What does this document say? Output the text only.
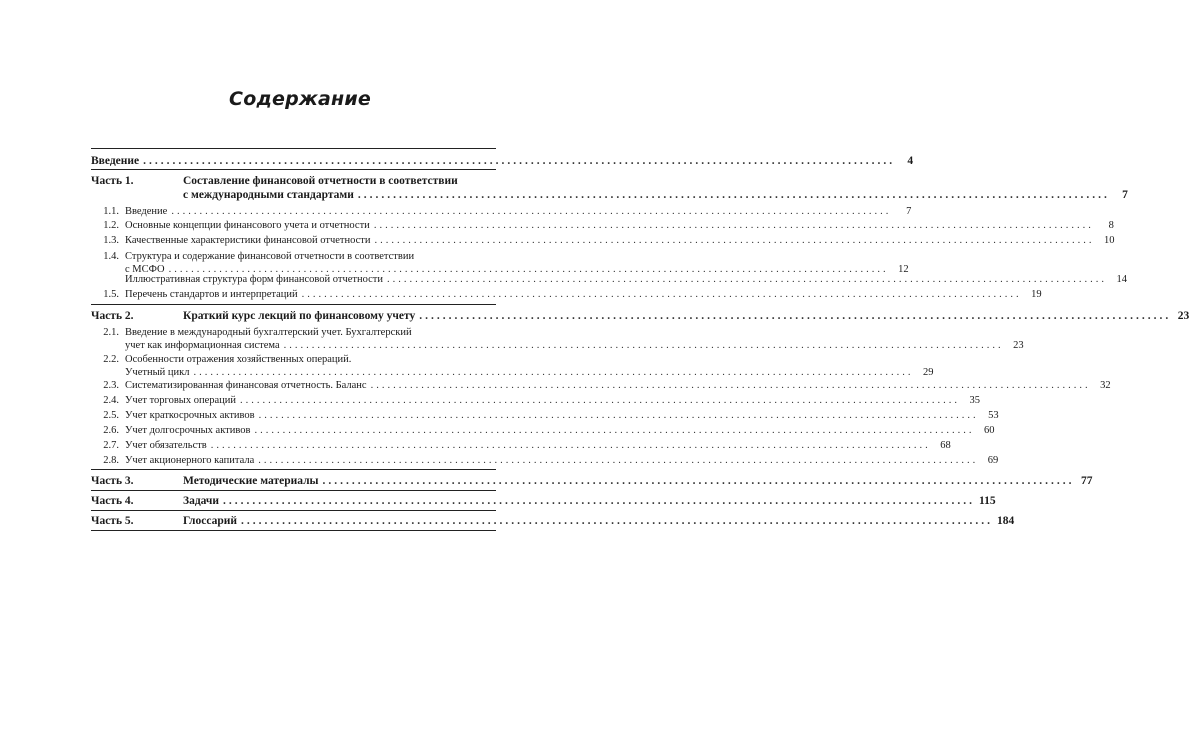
Содержание
Введение ................................................................................................................................	4
Часть 1.	Составление финансовой отчетности в соответствии
с международными стандартами ................................................................................................................................	7
1.1. Введение ................................................................................................................................	7
1.2. Основные концепции финансового учета и отчетности ................................................................................................................................	8
1.3. Качественные характеристики финансовой отчетности ................................................................................................................................ 10
1.4. Структура и содержание финансовой отчетности в соответствии
с МСФО ................................................................................................................................ 12
Иллюстративная структура форм финансовой отчетности ................................................................................................................................ 14
1.5. Перечень стандартов и интерпретаций ................................................................................................................................ 19
Часть 2.	Краткий курс лекций по финансовому учету ................................................................................................................................ 23
2.1. Введение в международный бухгалтерский учет. Бухгалтерский
учет как информационная система ................................................................................................................................ 23
2.2. Особенности отражения хозяйственных операций.
Учетный цикл ................................................................................................................................ 29
2.3. Систематизированная финансовая отчетность. Баланс ................................................................................................................................ 32
2.4. Учет торговых операций ................................................................................................................................ 35
2.5. Учет краткосрочных активов ................................................................................................................................ 53
2.6. Учет долгосрочных активов ................................................................................................................................ 60
2.7. Учет обязательств ................................................................................................................................ 68
2.8. Учет акционерного капитала ................................................................................................................................ 69
Часть 3.	Методические материалы ................................................................................................................................ 77
Часть 4.	Задачи ................................................................................................................................ 115
Часть 5.	Глоссарий ................................................................................................................................ 184
